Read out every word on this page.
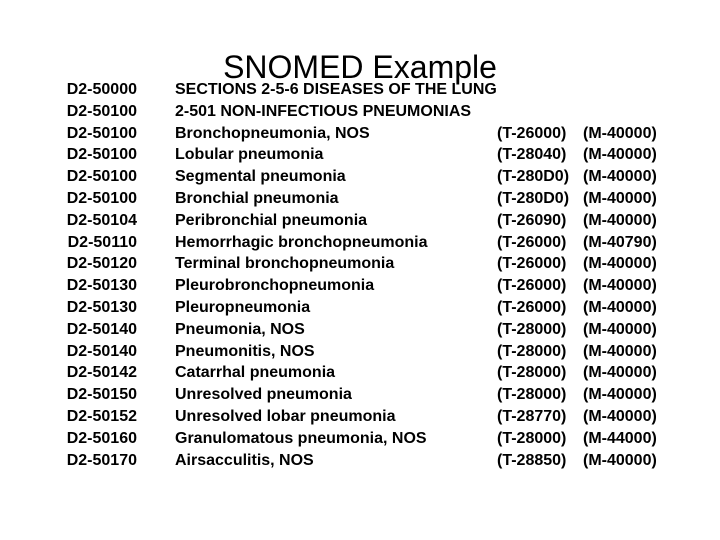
SNOMED Example
D2-50000 SECTIONS 2-5-6 DISEASES OF THE LUNG
D2-50100 2-501 NON-INFECTIOUS PNEUMONIAS
D2-50100 Bronchopneumonia, NOS	(T-26000) (M-40000)
D2-50100 Lobular pneumonia	(T-28040) (M-40000)
D2-50100 Segmental pneumonia	(T-280D0) (M-40000)
D2-50100 Bronchial pneumonia	(T-280D0) (M-40000)
D2-50104 Peribronchial pneumonia	(T-26090) (M-40000)
D2-50110 Hemorrhagic bronchopneumonia	(T-26000) (M-40790)
D2-50120 Terminal bronchopneumonia	(T-26000) (M-40000)
D2-50130 Pleurobronchopneumonia	(T-26000) (M-40000)
D2-50130 Pleuropneumonia	(T-26000) (M-40000)
D2-50140 Pneumonia, NOS	(T-28000) (M-40000)
D2-50140 Pneumonitis, NOS	(T-28000) (M-40000)
D2-50142 Catarrhal pneumonia	(T-28000) (M-40000)
D2-50150 Unresolved pneumonia	(T-28000) (M-40000)
D2-50152 Unresolved lobar pneumonia	(T-28770) (M-40000)
D2-50160 Granulomatous pneumonia, NOS	(T-28000) (M-44000)
D2-50170 Airsacculitis, NOS	(T-28850) (M-40000)
